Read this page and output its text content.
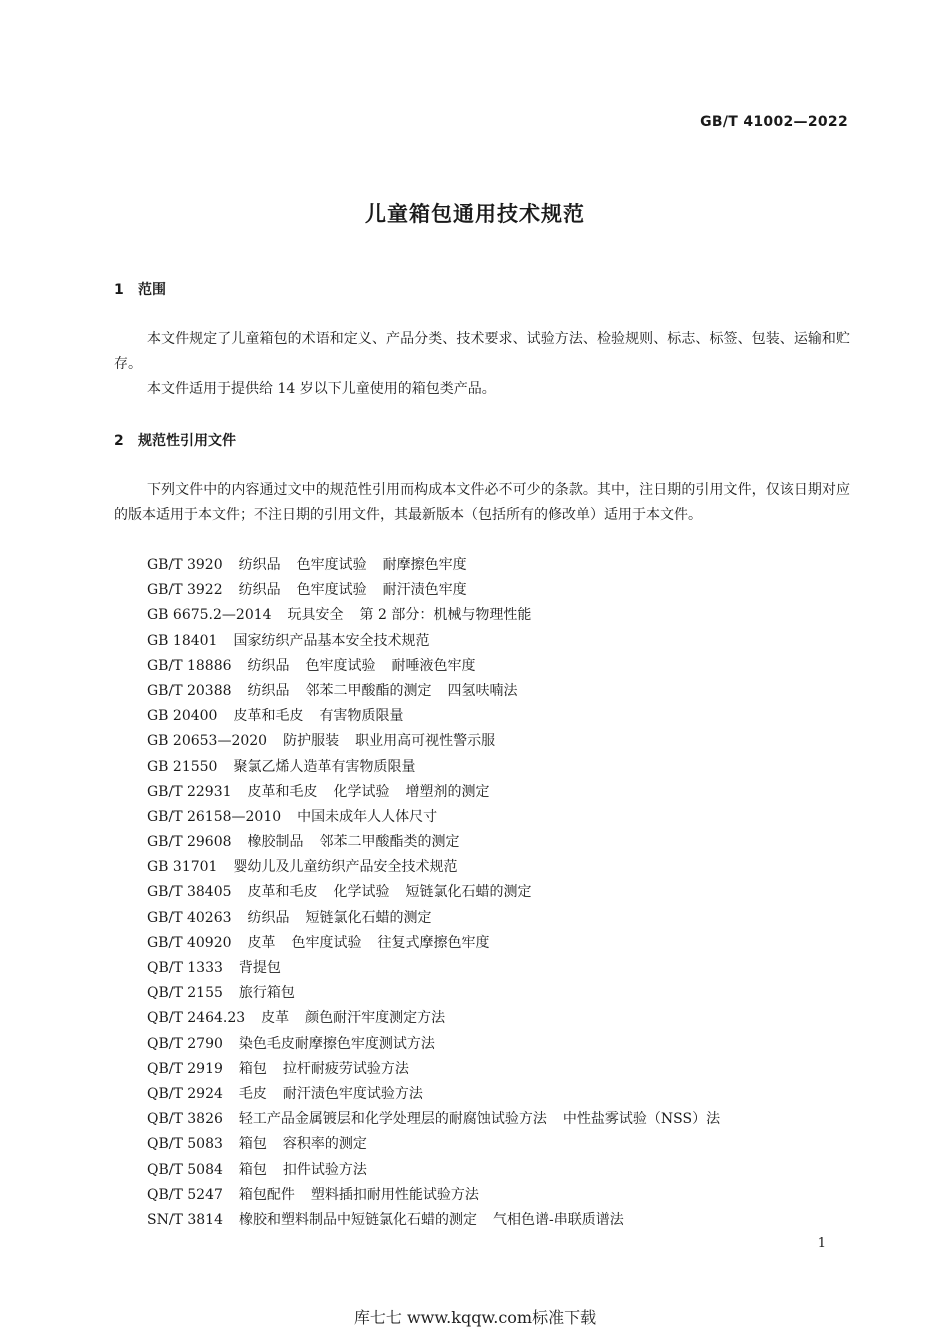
GB/T 41002—2022
儿童箱包通用技术规范
1 范围

本文件规定了儿童箱包的术语和定义、产品分类、技术要求、试验方法、检验规则、标志、标签、包装、运输和贮存。

本文件适用于提供给 14 岁以下儿童使用的箱包类产品。

2 规范性引用文件

下列文件中的内容通过文中的规范性引用而构成本文件必不可少的条款。其中，注日期的引用文件，仅该日期对应的版本适用于本文件；不注日期的引用文件，其最新版本（包括所有的修改单）适用于本文件。

GB/T 3920 纺织品 色牢度试验 耐摩擦色牢度
GB/T 3922 纺织品 色牢度试验 耐汗渍色牢度
GB 6675.2—2014 玩具安全 第 2 部分：机械与物理性能
GB 18401 国家纺织产品基本安全技术规范
GB/T 18886 纺织品 色牢度试验 耐唾液色牢度
GB/T 20388 纺织品 邻苯二甲酸酯的测定 四氢呋喃法
GB 20400 皮革和毛皮 有害物质限量
GB 20653—2020 防护服装 职业用高可视性警示服
GB 21550 聚氯乙烯人造革有害物质限量
GB/T 22931 皮革和毛皮 化学试验 增塑剂的测定
GB/T 26158—2010 中国未成年人人体尺寸
GB/T 29608 橡胶制品 邻苯二甲酸酯类的测定
GB 31701 婴幼儿及儿童纺织产品安全技术规范
GB/T 38405 皮革和毛皮 化学试验 短链氯化石蜡的测定
GB/T 40263 纺织品 短链氯化石蜡的测定
GB/T 40920 皮革 色牢度试验 往复式摩擦色牢度
QB/T 1333 背提包
QB/T 2155 旅行箱包
QB/T 2464.23 皮革 颜色耐汗牢度测定方法
QB/T 2790 染色毛皮耐摩擦色牢度测试方法
QB/T 2919 箱包 拉杆耐疲劳试验方法
QB/T 2924 毛皮 耐汗渍色牢度试验方法
QB/T 3826 轻工产品金属镀层和化学处理层的耐腐蚀试验方法 中性盐雾试验（NSS）法
QB/T 5083 箱包 容积率的测定
QB/T 5084 箱包 扣件试验方法
QB/T 5247 箱包配件 塑料插扣耐用性能试验方法
SN/T 3814 橡胶和塑料制品中短链氯化石蜡的测定 气相色谱-串联质谱法
1
库七七 www.kqqw.com标准下载
